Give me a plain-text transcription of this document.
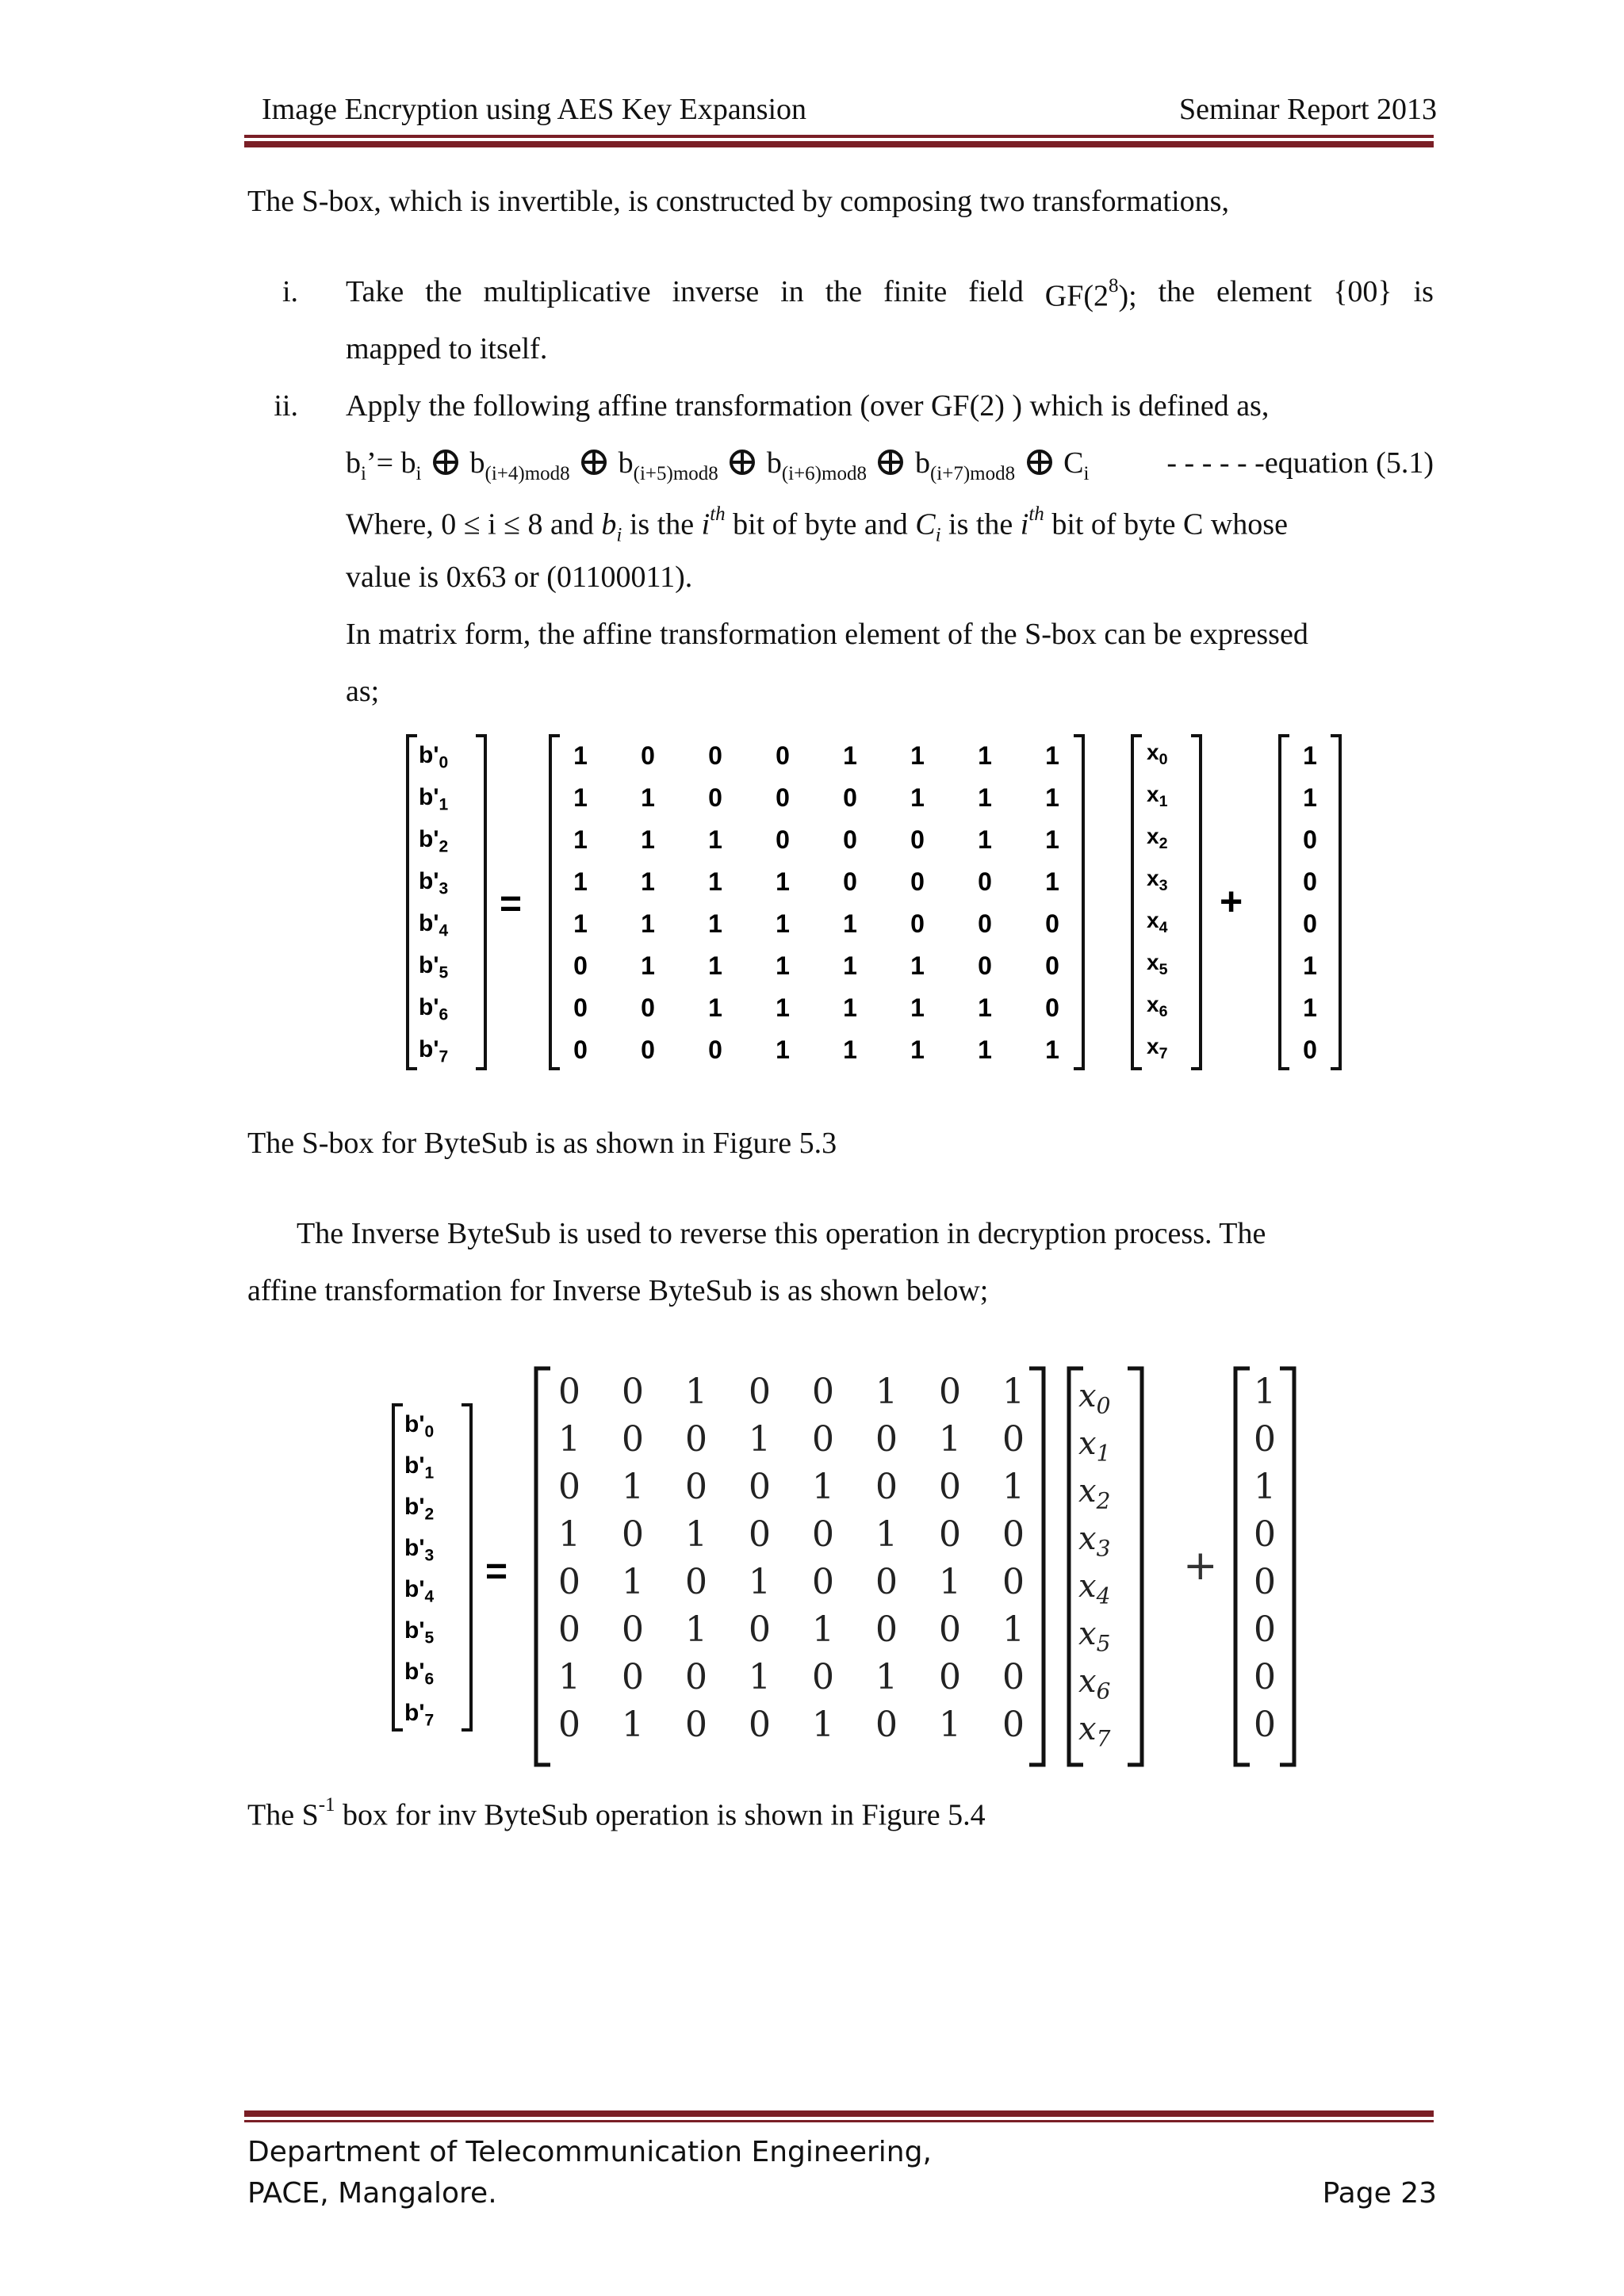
Image Encryption using AES Key Expansion	Seminar Report 2013
The S-box, which is invertible, is constructed by composing two transformations,
i. Take the multiplicative inverse in the finite field $GF(2^8)$; the element {00} is
mapped to itself.
ii. Apply the following affine transformation (over GF(2) ) which is defined as,
$b_i’= b_i$ $b_{(i+4)mod8}$ $b_{(i+5)mod8}$ $b_{(i+6)mod8}$ $b_{(i+7)mod8}$ $C_i$	- - - - - -equation (5.1)
Where, 0 ≤ i ≤ 8 and $b_i$ is the $i^{th}$ bit of byte and $C_i$ is the $i^{th}$ bit of byte C whose
value is 0x63 or (01100011).
In matrix form, the affine transformation element of the S-box can be expressed
as;
$b'_0$
$b'_1$
$b'_2$
$b'_3$
$b'_4$
$b'_5$
$b'_6$
$b'_7$
=
1 0 0 0 1 1 1 1
1 1 0 0 0 1 1 1
1 1 1 0 0 0 1 1
1 1 1 1 0 0 0 1
1 1 1 1 1 0 0 0
0 1 1 1 1 1 0 0
0 0 1 1 1 1 1 0
0 0 0 1 1 1 1 1
$x_0$
$x_1$
$x_2$
$x_3$
$x_4$
$x_5$
$x_6$
$x_7$
+
1
1
0
0
0
1
1
0
The S-box for ByteSub is as shown in Figure 5.3
The Inverse ByteSub is used to reverse this operation in decryption process. The
affine transformation for Inverse ByteSub is as shown below;
$b'_0$
$b'_1$
$b'_2$
$b'_3$
$b'_4$
$b'_5$
$b'_6$
$b'_7$
=
0 0 1 0 0 1 0 1
1 0 0 1 0 0 1 0
0 1 0 0 1 0 0 1
1 0 1 0 0 1 0 0
0 1 0 1 0 0 1 0
0 0 1 0 1 0 0 1
1 0 0 1 0 1 0 0
0 1 0 0 1 0 1 0
$x_0$
$x_1$
$x_2$
$x_3$
$x_4$
$x_5$
$x_6$
$x_7$
+
1
0
1
0
0
0
0
0
The $S^{-1}$ box for inv ByteSub operation is shown in Figure 5.4
Department of Telecommunication Engineering,
PACE, Mangalore.	Page 23
